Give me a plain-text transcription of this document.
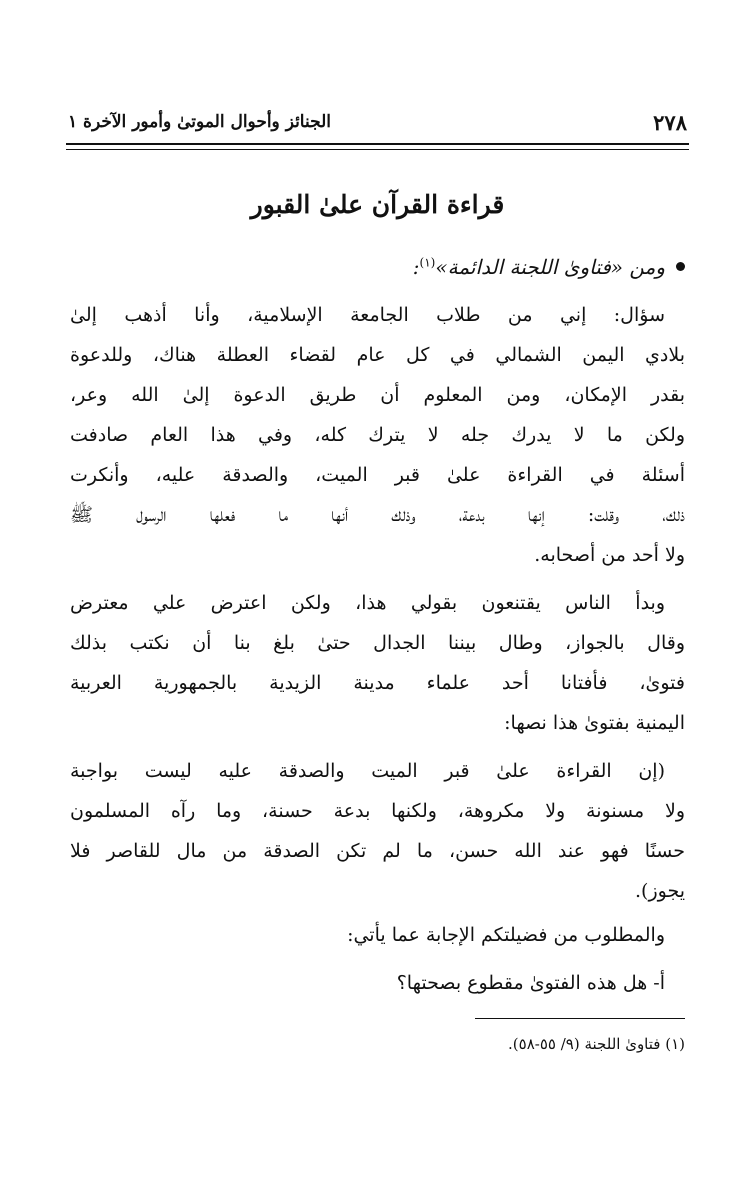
٢٧٨
الجنائز وأحوال الموتىٰ وأمور الآخرة ١
قراءة القرآن علىٰ القبور
ومن «فتاوىٰ اللجنة الدائمة»$^{(١)}$:
سؤال: إني من طلاب الجامعة الإسلامية، وأنا أذهب إلىٰ
بلادي اليمن الشمالي في كل عام لقضاء العطلة هناك، وللدعوة
بقدر الإمكان، ومن المعلوم أن طريق الدعوة إلىٰ الله وعر،
ولكن ما لا يدرك جله لا يترك كله، وفي هذا العام صادفت
أسئلة في القراءة علىٰ قبر الميت، والصدقة عليه، وأنكرت
ذلك، وقلت: إنها بدعة، وذلك أنها ما فعلها الرسول ﷺ
ولا أحد من أصحابه.
وبدأ الناس يقتنعون بقولي هذا، ولكن اعترض علي معترض
وقال بالجواز، وطال بيننا الجدال حتىٰ بلغ بنا أن نكتب بذلك
فتوىٰ، فأفتانا أحد علماء مدينة الزيدية بالجمهورية العربية
اليمنية بفتوىٰ هذا نصها:
(إن القراءة علىٰ قبر الميت والصدقة عليه ليست بواجبة
ولا مسنونة ولا مكروهة، ولكنها بدعة حسنة، وما رآه المسلمون
حسنًا فهو عند الله حسن، ما لم تكن الصدقة من مال للقاصر فلا
يجوز).
والمطلوب من فضيلتكم الإجابة عما يأتي:
(١) فتاوىٰ اللجنة (٩/ ٥٥-٥٨).
أ- هل هذه الفتوىٰ مقطوع بصحتها؟
